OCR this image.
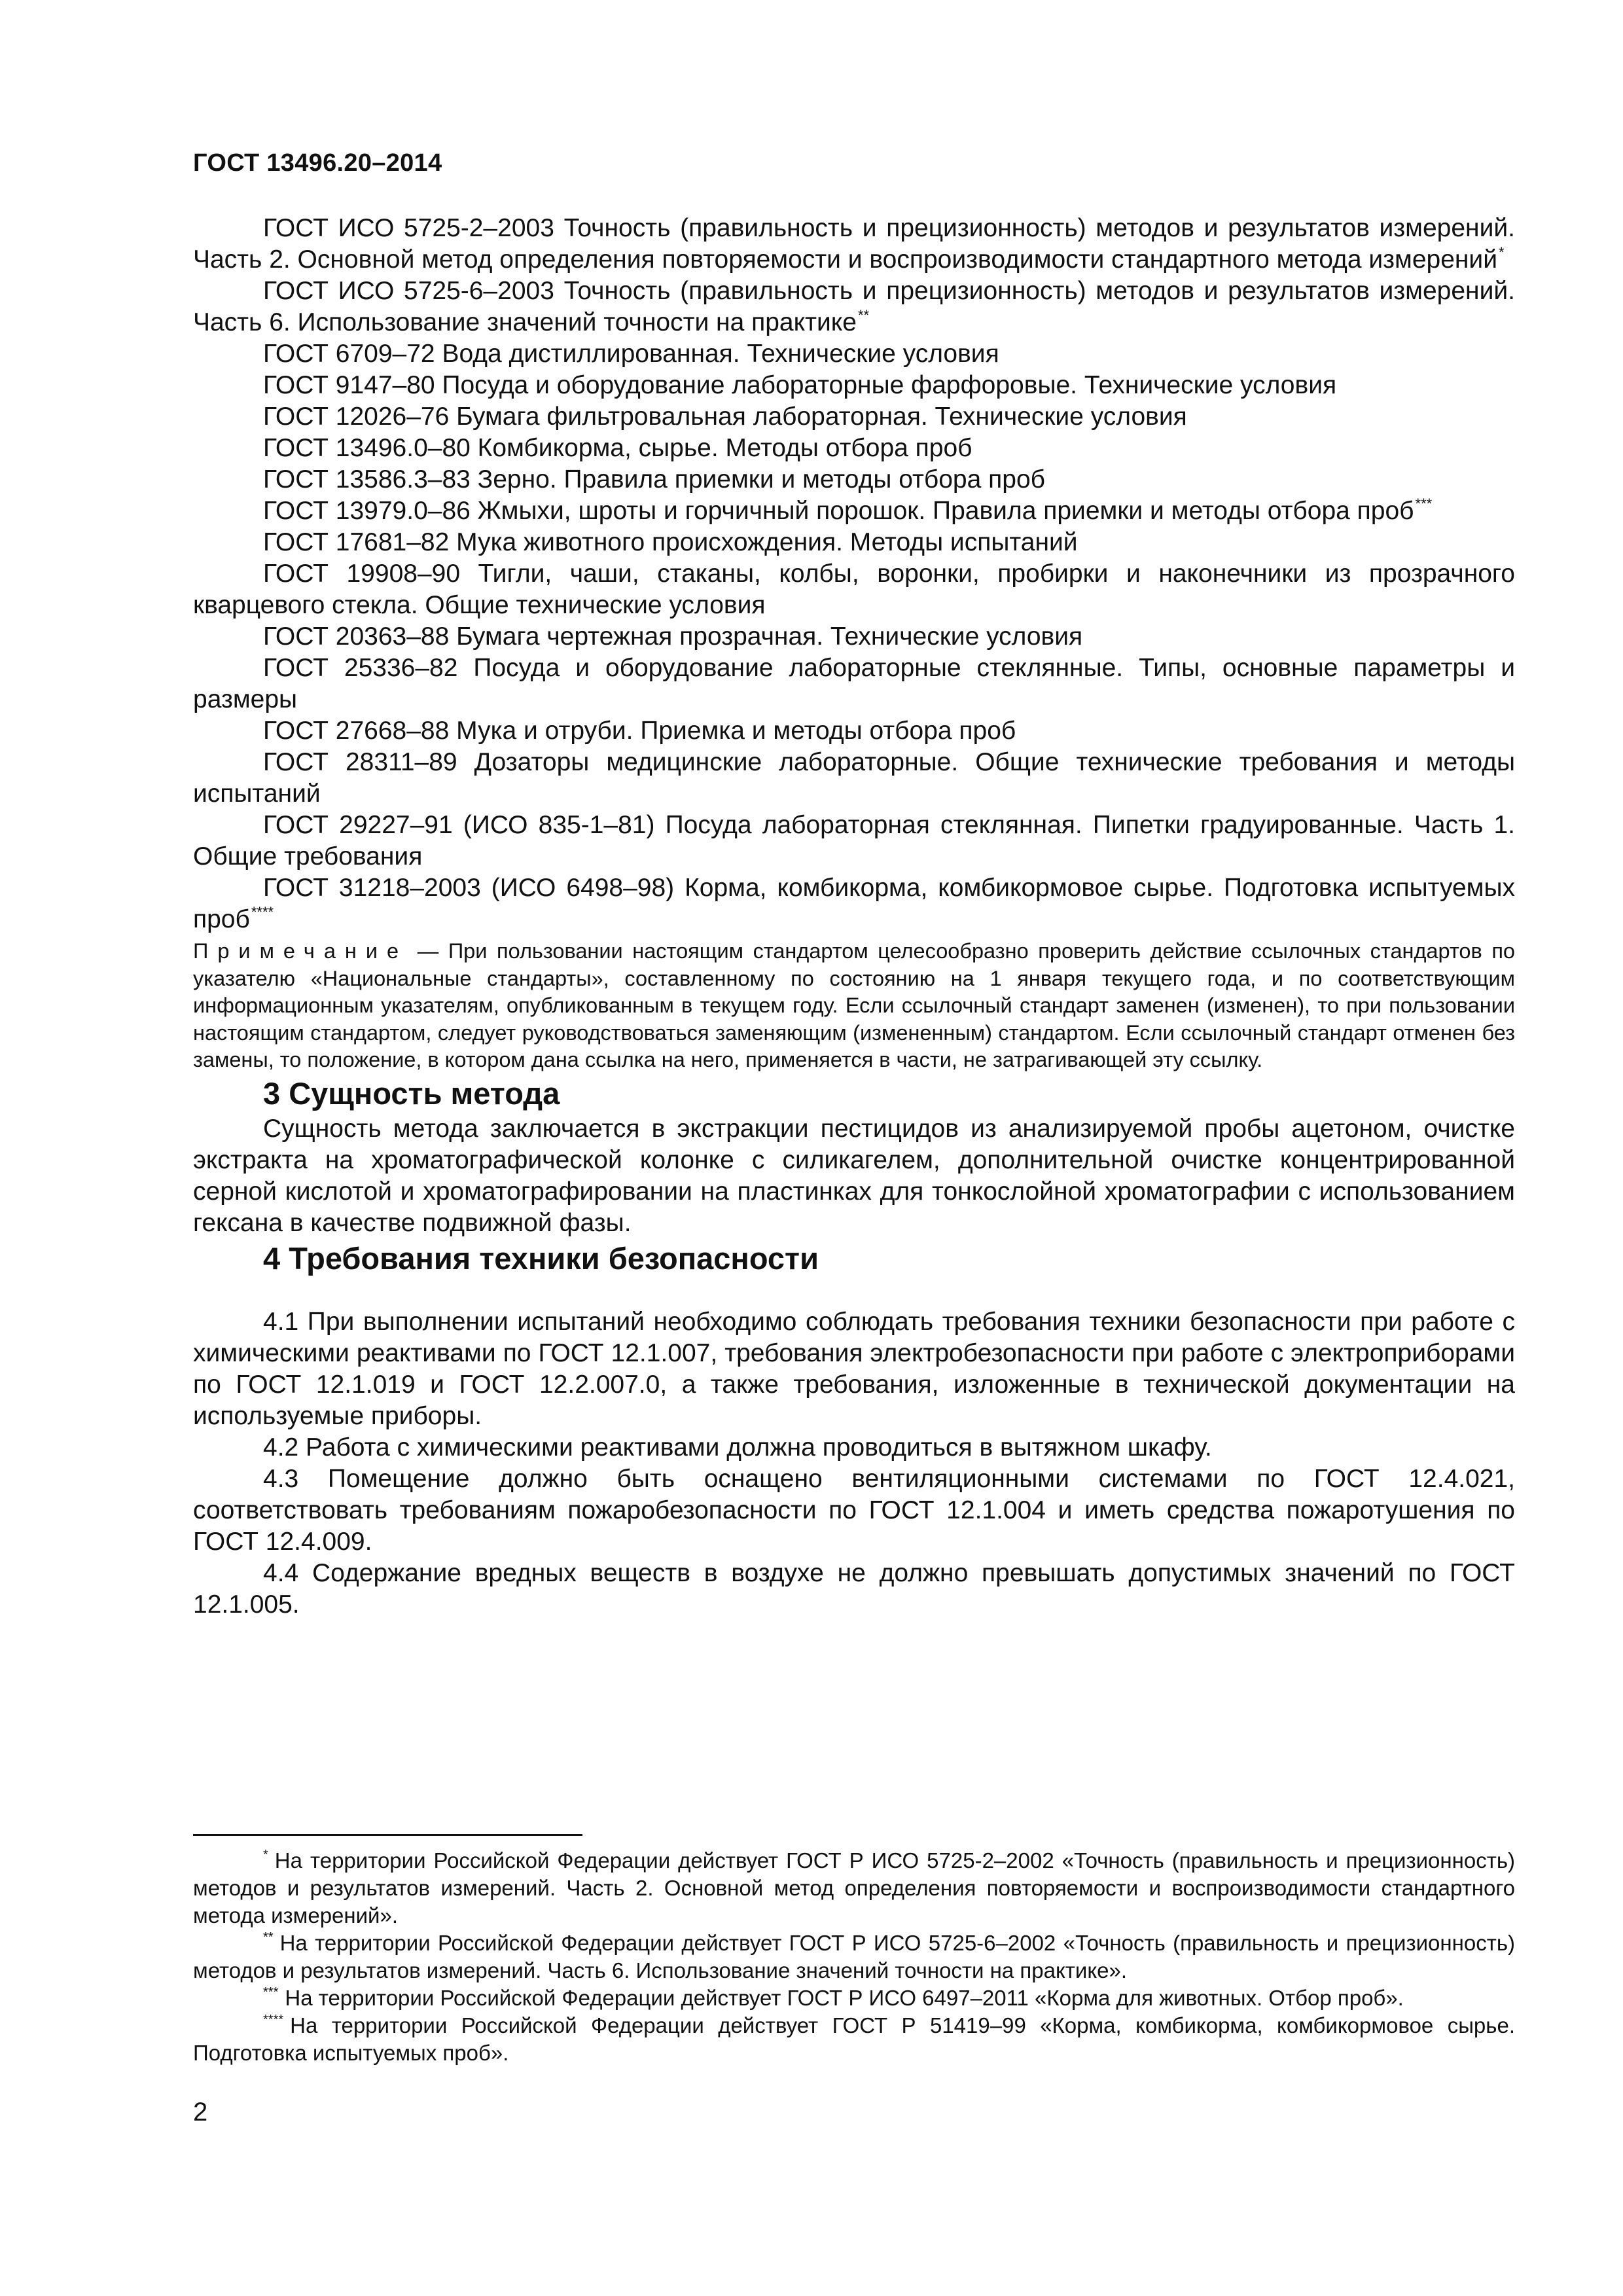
ГОСТ 13496.20–2014

ГОСТ ИСО 5725-2–2003 Точность (правильность и прецизионность) методов и результатов измерений. Часть 2. Основной метод определения повторяемости и воспроизводимости стандартного метода измерений*

ГОСТ ИСО 5725-6–2003 Точность (правильность и прецизионность) методов и результатов измерений. Часть 6. Использование значений точности на практике**

ГОСТ 6709–72 Вода дистиллированная. Технические условия

ГОСТ 9147–80 Посуда и оборудование лабораторные фарфоровые. Технические условия

ГОСТ 12026–76 Бумага фильтровальная лабораторная. Технические условия

ГОСТ 13496.0–80 Комбикорма, сырье. Методы отбора проб

ГОСТ 13586.3–83 Зерно. Правила приемки и методы отбора проб

ГОСТ 13979.0–86 Жмыхи, шроты и горчичный порошок. Правила приемки и методы отбора проб***

ГОСТ 17681–82 Мука животного происхождения. Методы испытаний

ГОСТ 19908–90 Тигли, чаши, стаканы, колбы, воронки, пробирки и наконечники из прозрачного кварцевого стекла. Общие технические условия

ГОСТ 20363–88 Бумага чертежная прозрачная. Технические условия

ГОСТ 25336–82 Посуда и оборудование лабораторные стеклянные. Типы, основные параметры и размеры

ГОСТ 27668–88 Мука и отруби. Приемка и методы отбора проб

ГОСТ 28311–89 Дозаторы медицинские лабораторные. Общие технические требования и методы испытаний

ГОСТ 29227–91 (ИСО 835-1–81) Посуда лабораторная стеклянная. Пипетки градуированные. Часть 1. Общие требования

ГОСТ 31218–2003 (ИСО 6498–98) Корма, комбикорма, комбикормовое сырье. Подготовка испытуемых проб****

Примечание — При пользовании настоящим стандартом целесообразно проверить действие ссылочных стандартов по указателю «Национальные стандарты», составленному по состоянию на 1 января текущего года, и по соответствующим информационным указателям, опубликованным в текущем году. Если ссылочный стандарт заменен (изменен), то при пользовании настоящим стандартом, следует руководствоваться заменяющим (измененным) стандартом. Если ссылочный стандарт отменен без замены, то положение, в котором дана ссылка на него, применяется в части, не затрагивающей эту ссылку.

3 Сущность метода

Сущность метода заключается в экстракции пестицидов из анализируемой пробы ацетоном, очистке экстракта на хроматографической колонке с силикагелем, дополнительной очистке концентрированной серной кислотой и хроматографировании на пластинках для тонкослойной хроматографии с использованием гексана в качестве подвижной фазы.

4 Требования техники безопасности

4.1 При выполнении испытаний необходимо соблюдать требования техники безопасности при работе с химическими реактивами по ГОСТ 12.1.007, требования электробезопасности при работе с электроприборами по ГОСТ 12.1.019 и ГОСТ 12.2.007.0, а также требования, изложенные в технической документации на используемые приборы.

4.2 Работа с химическими реактивами должна проводиться в вытяжном шкафу.

4.3 Помещение должно быть оснащено вентиляционными системами по ГОСТ 12.4.021, соответствовать требованиям пожаробезопасности по ГОСТ 12.1.004 и иметь средства пожаротушения по ГОСТ 12.4.009.

4.4 Содержание вредных веществ в воздухе не должно превышать допустимых значений по ГОСТ 12.1.005.

* На территории Российской Федерации действует ГОСТ Р ИСО 5725-2–2002 «Точность (правильность и прецизионность) методов и результатов измерений. Часть 2. Основной метод определения повторяемости и воспроизводимости стандартного метода измерений».

** На территории Российской Федерации действует ГОСТ Р ИСО 5725-6–2002 «Точность (правильность и прецизионность) методов и результатов измерений. Часть 6. Использование значений точности на практике».

*** На территории Российской Федерации действует ГОСТ Р ИСО 6497–2011 «Корма для животных. Отбор проб».

**** На территории Российской Федерации действует ГОСТ Р 51419–99 «Корма, комбикорма, комбикормовое сырье. Подготовка испытуемых проб».

2
